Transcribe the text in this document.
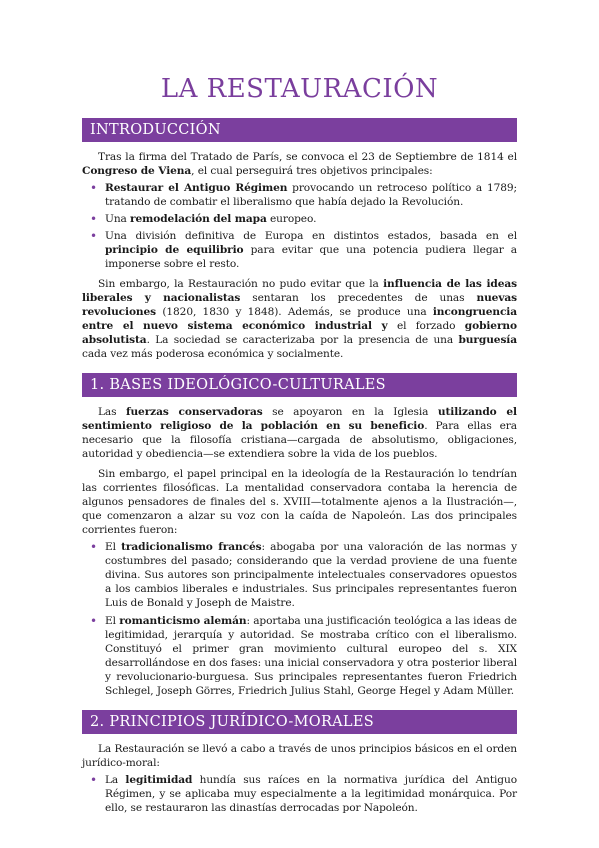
LA RESTAURACIÓN
INTRODUCCIÓN

Tras la firma del Tratado de París, se convoca el 23 de Septiembre de 1814 el Congreso de Viena, el cual perseguirá tres objetivos principales:

• Restaurar el Antiguo Régimen provocando un retroceso político a 1789; tratando de combatir el liberalismo que había dejado la Revolución.
• Una remodelación del mapa europeo.
• Una división definitiva de Europa en distintos estados, basada en el principio de equilibrio para evitar que una potencia pudiera llegar a imponerse sobre el resto.

Sin embargo, la Restauración no pudo evitar que la influencia de las ideas liberales y nacionalistas sentaran los precedentes de unas nuevas revoluciones (1820, 1830 y 1848). Además, se produce una incongruencia entre el nuevo sistema económico industrial y el forzado gobierno absolutista. La sociedad se caracterizaba por la presencia de una burguesía cada vez más poderosa económica y socialmente.

1. BASES IDEOLÓGICO-CULTURALES

Las fuerzas conservadoras se apoyaron en la Iglesia utilizando el sentimiento religioso de la población en su beneficio. Para ellas era necesario que la filosofía cristiana—cargada de absolutismo, obligaciones, autoridad y obediencia—se extendiera sobre la vida de los pueblos.

Sin embargo, el papel principal en la ideología de la Restauración lo tendrían las corrientes filosóficas. La mentalidad conservadora contaba la herencia de algunos pensadores de finales del s. XVIII—totalmente ajenos a la Ilustración—, que comenzaron a alzar su voz con la caída de Napoleón. Las dos principales corrientes fueron:

• El tradicionalismo francés: abogaba por una valoración de las normas y costumbres del pasado; considerando que la verdad proviene de una fuente divina. Sus autores son principalmente intelectuales conservadores opuestos a los cambios liberales e industriales. Sus principales representantes fueron Luis de Bonald y Joseph de Maistre.
• El romanticismo alemán: aportaba una justificación teológica a las ideas de legitimidad, jerarquía y autoridad. Se mostraba crítico con el liberalismo. Constituyó el primer gran movimiento cultural europeo del s. XIX desarrollándose en dos fases: una inicial conservadora y otra posterior liberal y revolucionario-burguesa. Sus principales representantes fueron Friedrich Schlegel, Joseph Görres, Friedrich Julius Stahl, George Hegel y Adam Müller.
2. PRINCIPIOS JURÍDICO-MORALES

La Restauración se llevó a cabo a través de unos principios básicos en el orden jurídico-moral:

• La legitimidad hundía sus raíces en la normativa jurídica del Antiguo Régimen, y se aplicaba muy especialmente a la legitimidad monárquica. Por ello, se restauraron las dinastías derrocadas por Napoleón.
